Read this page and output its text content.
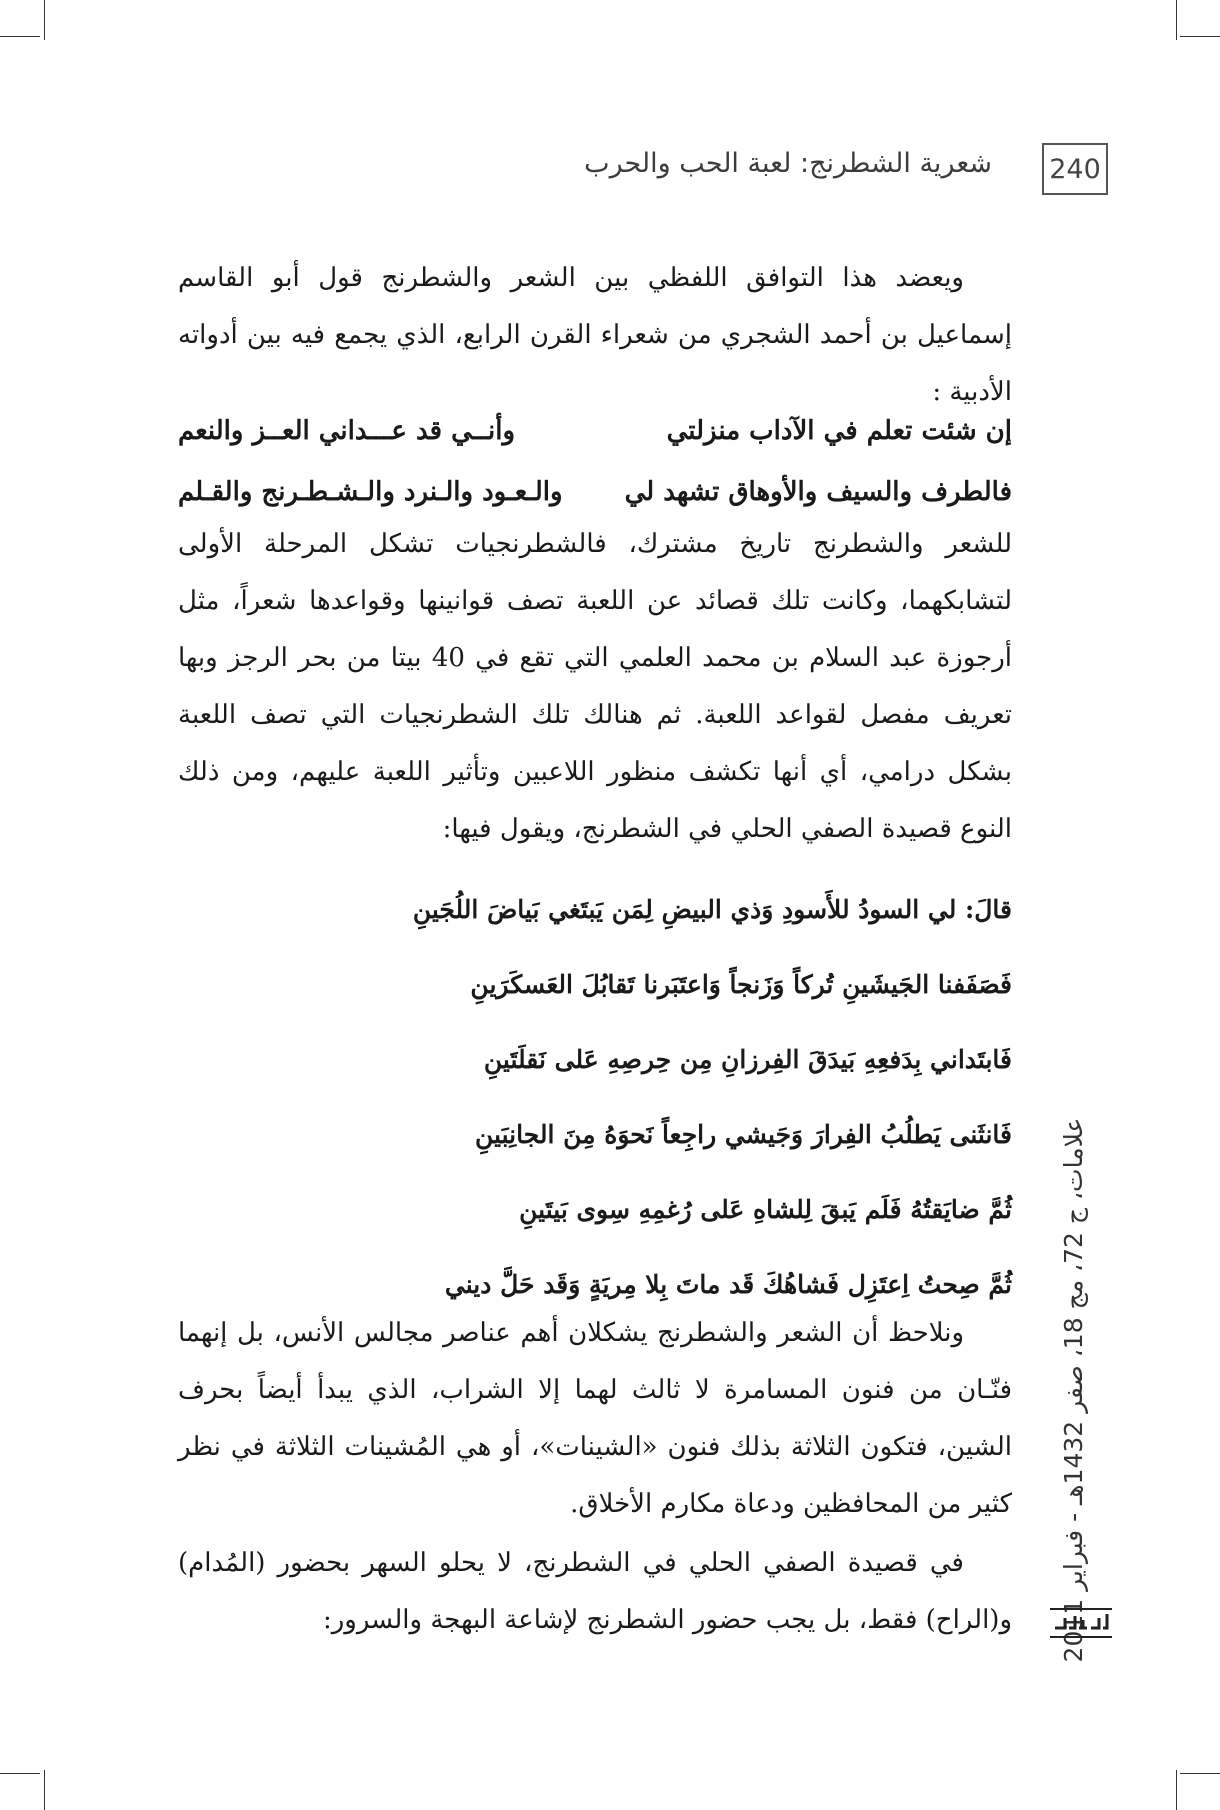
240
شعرية الشطرنج: لعبة الحب والحرب

ويعضد هذا التوافق اللفظي بين الشعر والشطرنج قول أبو القاسم إسماعيل بن أحمد الشجري من شعراء القرن الرابع، الذي يجمع فيه بين أدواته الأدبية :

إن شئت تعلم في الآداب منزلتي
وأنــي قد عـــداني العــز والنعم
فالطرف والسيف والأوهاق تشهد لي
والـعـود والـنرد والـشـطـرنج والقـلم

للشعر والشطرنج تاريخ مشترك، فالشطرنجيات تشكل المرحلة الأولى لتشابكهما، وكانت تلك قصائد عن اللعبة تصف قوانينها وقواعدها شعراً، مثل أرجوزة عبد السلام بن محمد العلمي التي تقع في 40 بيتا من بحر الرجز وبها تعريف مفصل لقواعد اللعبة. ثم هنالك تلك الشطرنجيات التي تصف اللعبة بشكل درامي، أي أنها تكشف منظور اللاعبين وتأثير اللعبة عليهم، ومن ذلك النوع قصيدة الصفي الحلي في الشطرنج، ويقول فيها:

قالَ: لي السودُ للأَسودِ وَذي البيضِ لِمَن يَبتَغي بَياضَ اللُجَينِ
فَصَفَفنا الجَيشَينِ تُركاً وَزَنجاً وَاعتَبَرنا تَقابُلَ العَسكَرَينِ
فَابتَداني بِدَفعِهِ بَيدَقَ الفِرزانِ مِن حِرصِهِ عَلى نَقلَتَينِ
فَانثَنى يَطلُبُ الفِرارَ وَجَيشي راجِعاً نَحوَهُ مِنَ الجانِبَينِ
ثُمَّ ضايَقتُهُ فَلَم يَبقَ لِلشاهِ عَلى رُغمِهِ سِوى بَيتَينِ
ثُمَّ صِحتُ اِعتَزِل فَشاهُكَ قَد ماتَ بِلا مِريَةٍ وَقَد حَلَّ ديني

ونلاحظ أن الشعر والشطرنج يشكلان أهم عناصر مجالس الأنس، بل إنهما فنّـان من فنون المسامرة لا ثالث لهما إلا الشراب، الذي يبدأ أيضاً بحرف الشين، فتكون الثلاثة بذلك فنون «الشينات»، أو هي المُشينات الثلاثة في نظر كثير من المحافظين ودعاة مكارم الأخلاق.

في قصيدة الصفي الحلي في الشطرنج، لا يحلو السهر بحضور (المُدام) و(الراح) فقط، بل يجب حضور الشطرنج لإشاعة البهجة والسرور: علامات، ج 72، مج 18، صفر 1432هـ - فبراير 2011
